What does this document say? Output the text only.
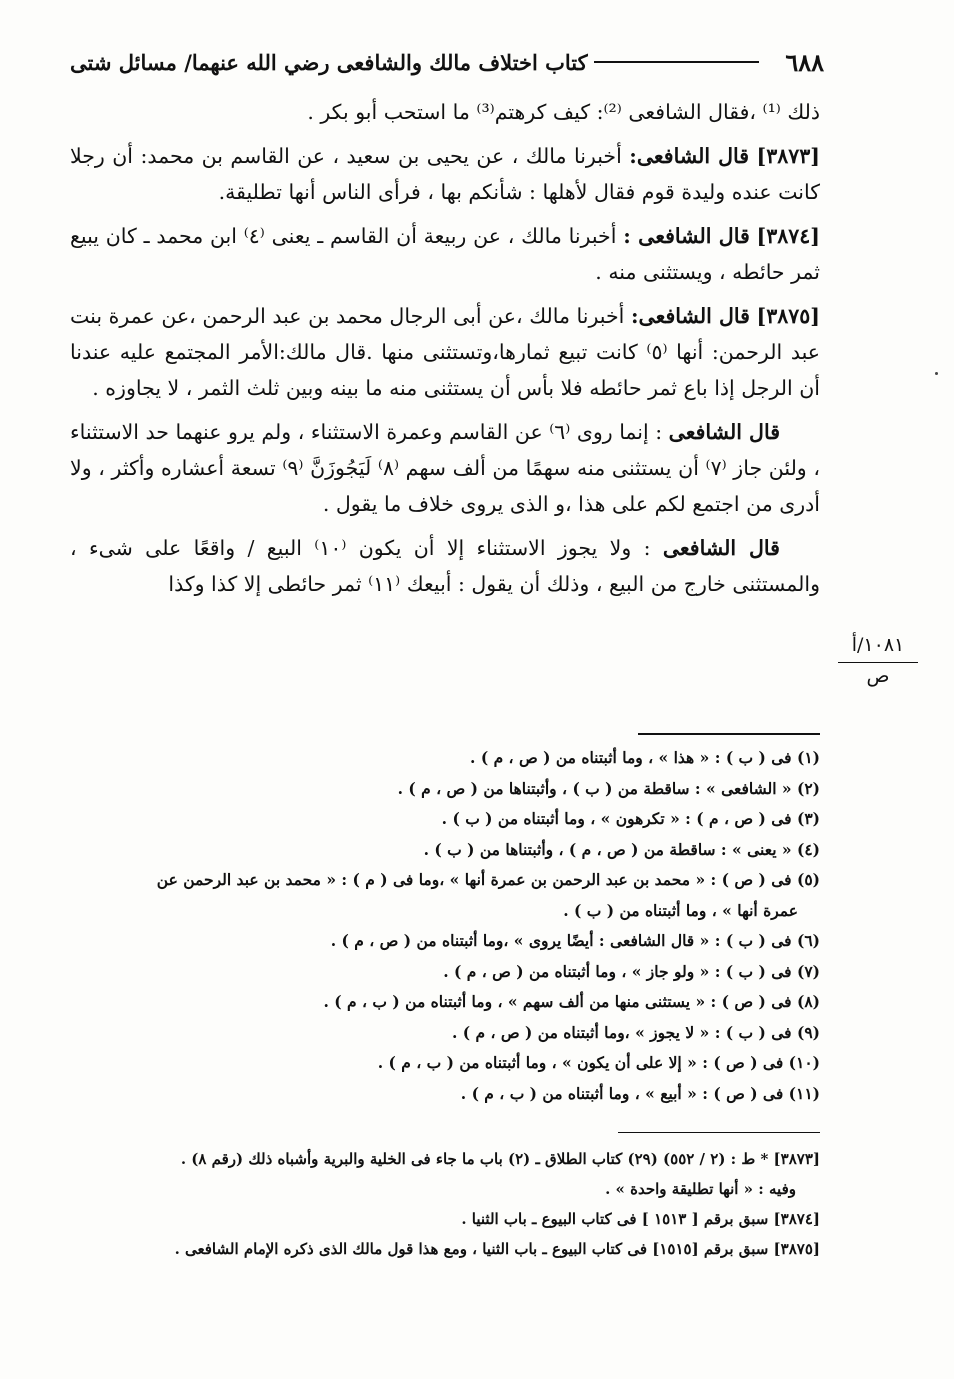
٦٨٨
كتاب اختلاف مالك والشافعى رضي الله عنهما/ مسائل شتى

ذلك ⁽¹⁾ ،فقال الشافعى ⁽²⁾: كيف كرهتم⁽³⁾ ما استحب أبو بكر .

[٣٨٧٣] قال الشافعى: أخبرنا مالك ، عن يحيى بن سعيد ، عن القاسم بن محمد: أن رجلا كانت عنده وليدة قوم فقال لأهلها : شأنكم بها ، فرأى الناس أنها تطليقة.

[٣٨٧٤] قال الشافعى : أخبرنا مالك ، عن ربيعة أن القاسم ـ يعنى ⁽٤⁾ ابن محمد ـ كان يبيع ثمر حائطه ، ويستثنى منه .

[٣٨٧٥] قال الشافعى: أخبرنا مالك ،عن أبى الرجال محمد بن عبد الرحمن ،عن عمرة بنت عبد الرحمن: أنها ⁽٥⁾ كانت تبيع ثمارها،وتستثنى منها .قال مالك:الأمر المجتمع عليه عندنا أن الرجل إذا باع ثمر حائطه فلا بأس أن يستثنى منه ما بينه وبين ثلث الثمر ، لا يجاوزه .

قال الشافعى : إنما روى ⁽٦⁾ عن القاسم وعمرة الاستثناء ، ولم يرو عنهما حد الاستثناء ، ولئن جاز ⁽٧⁾ أن يستثنى منه سهمًا من ألف سهم ⁽٨⁾ لَيَجُوزَنَّ ⁽٩⁾ تسعة أعشاره وأكثر ، ولا أدرى من اجتمع لكم على هذا ،و الذى يروى خلاف ما يقول .

قال الشافعى : ولا يجوز الاستثناء إلا أن يكون ⁽١٠⁾ البيع / واقعًا على شىء ، والمستثنى خارج من البيع ، وذلك أن يقول : أبيعك ⁽١١⁾ ثمر حائطى إلا كذا وكذا

١٠٨١/أ
ص

(١) فى ( ب ) : « هذا » ، وما أثبتناه من ( ص ، م ) .

(٢) « الشافعى » : ساقطة من ( ب ) ، وأثبتناها من ( ص ، م ) .

(٣) فى ( ص ، م ) : « تكرهون » ، وما أثبتناه من ( ب ) .

(٤) « يعنى » : ساقطة من ( ص ، م ) ، وأثبتناها من ( ب ) .

(٥) فى ( ص ) : « محمد بن عبد الرحمن بن عمرة أنها » ،وما فى ( م ) : « محمد بن عبد الرحمن عن

عمرة أنها » ، وما أثبتناه من ( ب ) .

(٦) فى ( ب ) : « قال الشافعى : أيضًا يروى » ،وما أثبتناه من ( ص ، م ) .

(٧) فى ( ب ) : « ولو جاز » ، وما أثبتناه من ( ص ، م ) .

(٨) فى ( ص ) : « يستثنى منها من ألف سهم » ، وما أثبتناه من ( ب ، م ) .

(٩) فى ( ب ) : « لا يجوز » ،وما أثبتناه من ( ص ، م ) .

(١٠) فى ( ص ) : « إلا على أن يكون » ، وما أثبتناه من ( ب ، م ) .

(١١) فى ( ص ) : « أبيع » ، وما أثبتناه من ( ب ، م ) .

[٣٨٧٣] * ط : (٢ / ٥٥٢) (٢٩) كتاب الطلاق ـ (٢) باب ما جاء فى الخلية والبرية وأشباه ذلك (رقم ٨) .

وفيه : « أنها تطليقة واحدة » .

[٣٨٧٤] سبق برقم [ ١٥١٣ ] فى كتاب البيوع ـ باب الثنيا .

[٣٨٧٥] سبق برقم [١٥١٥] فى كتاب البيوع ـ باب الثنيا ، ومع هذا قول مالك الذى ذكره الإمام الشافعى .
